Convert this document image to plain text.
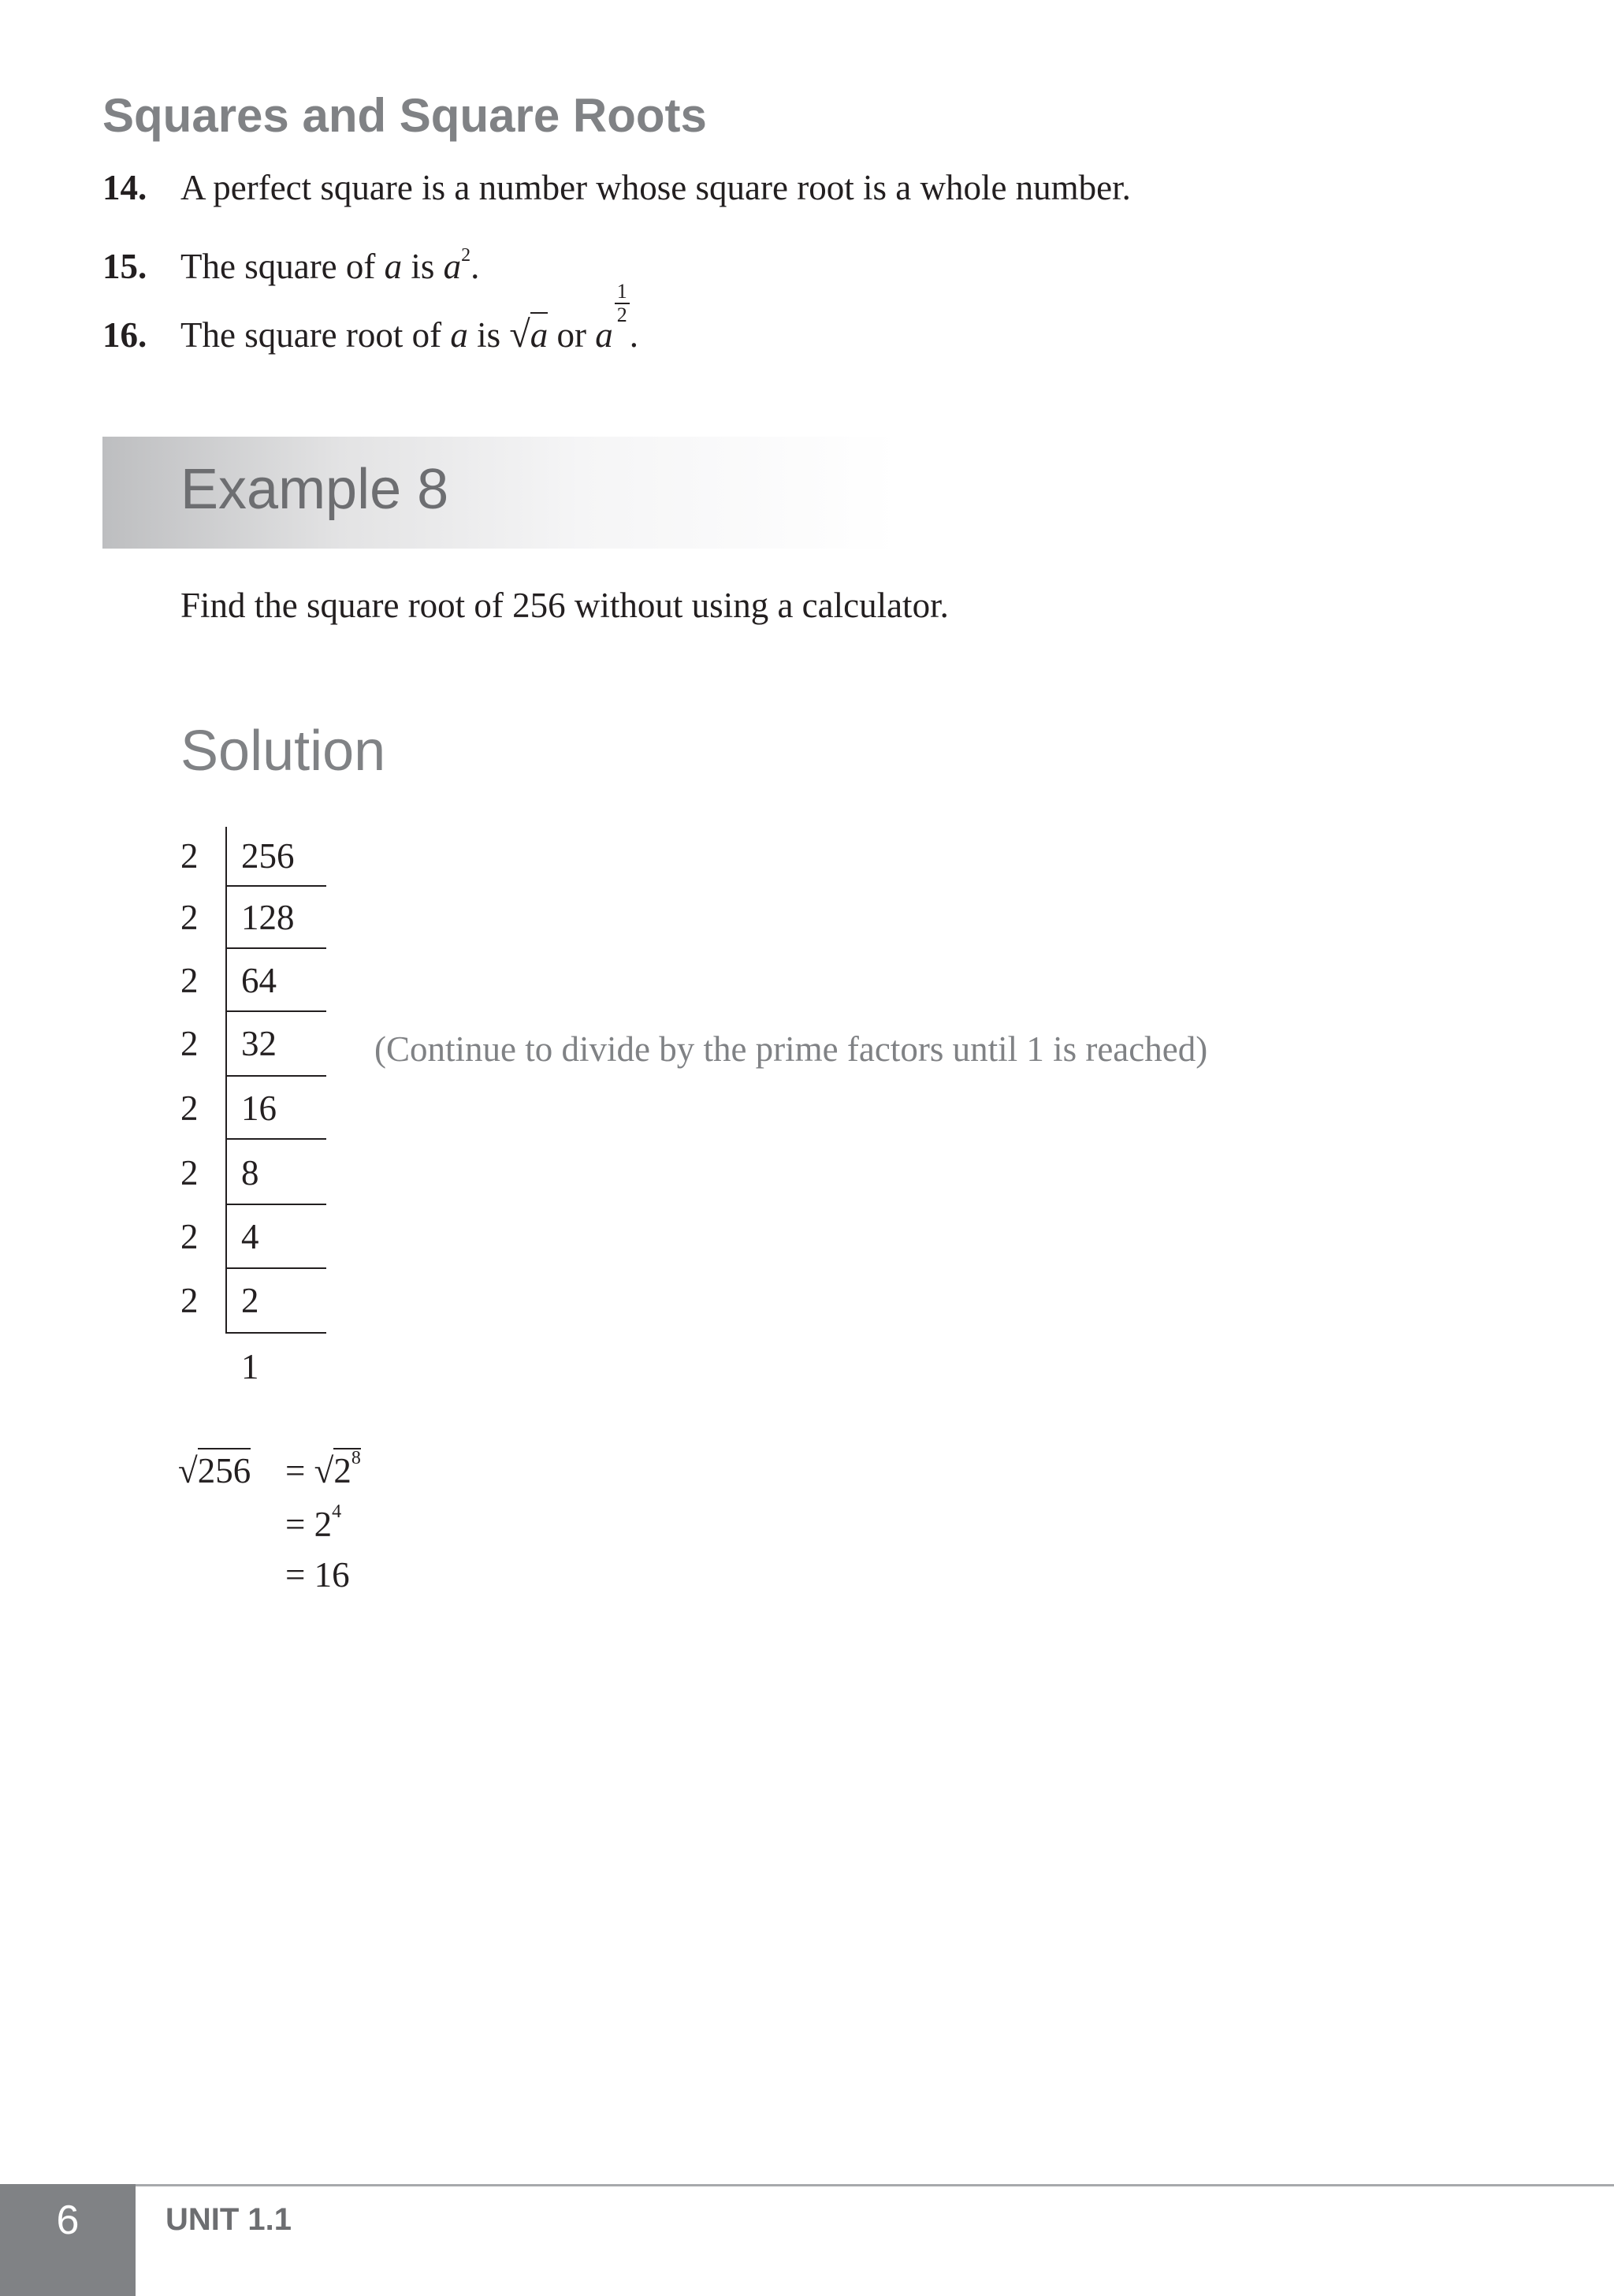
Squares and Square Roots
14. A perfect square is a number whose square root is a whole number.
15. The square of a is $a^2$.
16. The square root of a is √a or a
$\frac{1}{2}$
.
Example 8
Find the square root of 256 without using a calculator.
Solution
2 256
2 128
2 64
2 32
2 16
2 8
2 4
2 2
1
(Continue to divide by the prime factors until 1 is reached)
$√256 = √2^8$
= $2^4$
= 16
6	UNIT 1.1
